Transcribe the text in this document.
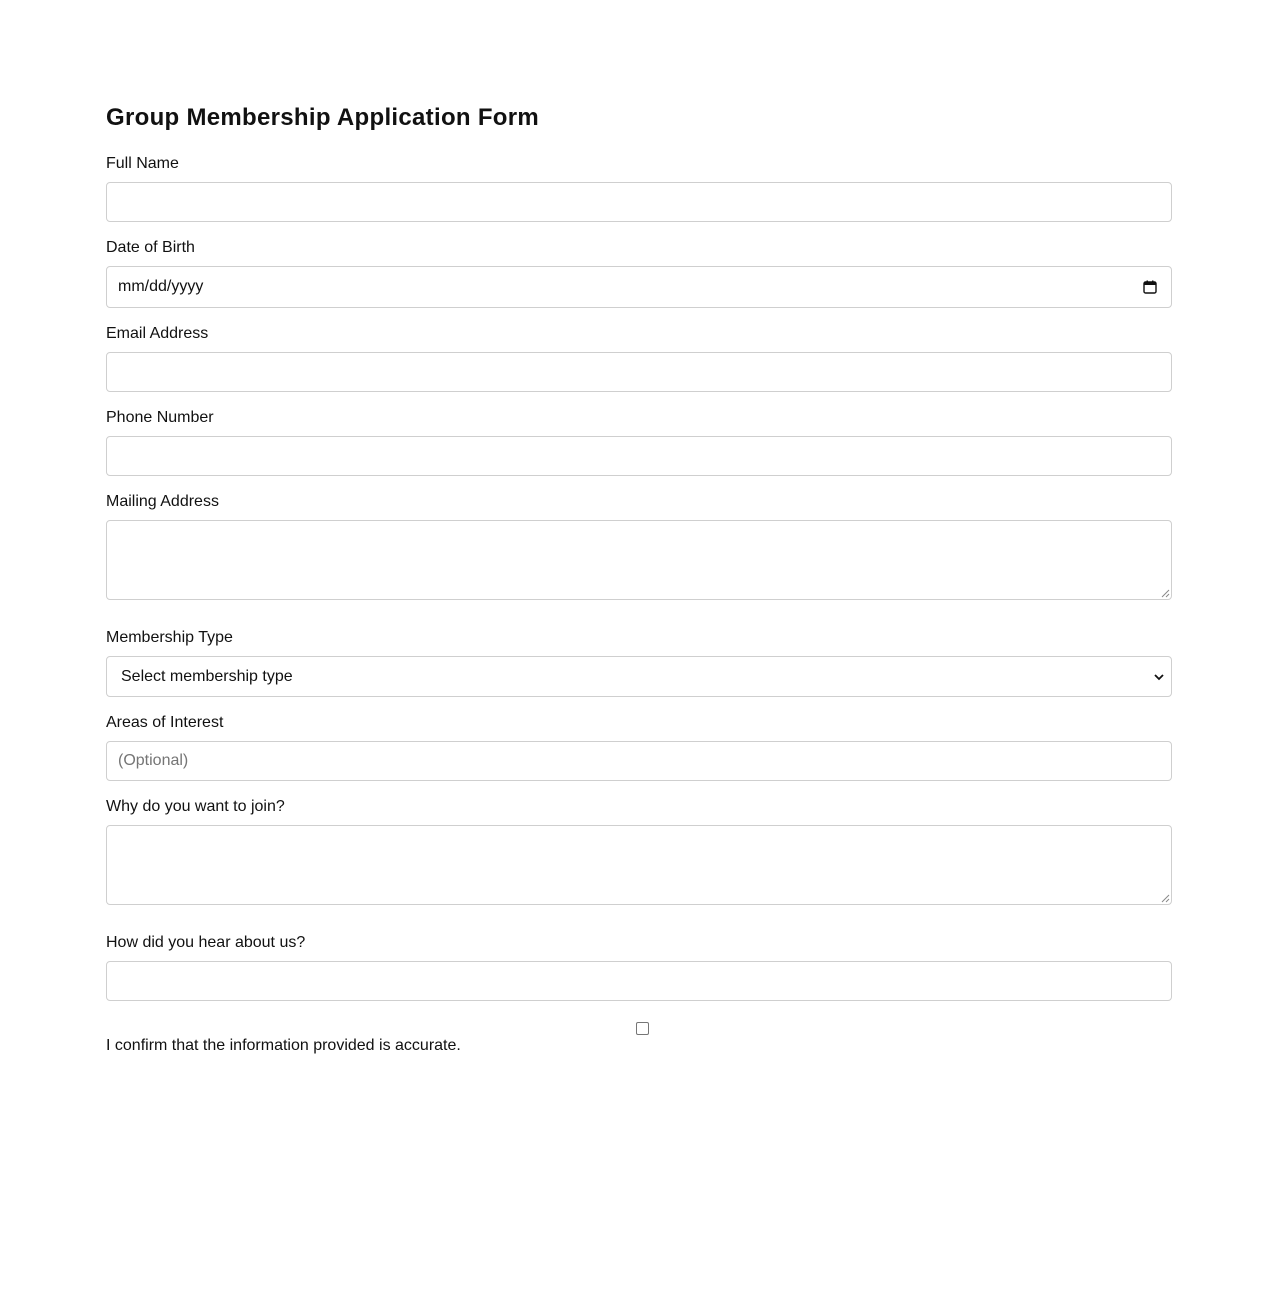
Group Membership Application Form
Full Name
Date of Birth
mm/dd/yyyy
Email Address
Phone Number
Mailing Address
Membership Type
Select membership type
Areas of Interest
(Optional)
Why do you want to join?
How did you hear about us?
I confirm that the information provided is accurate.
